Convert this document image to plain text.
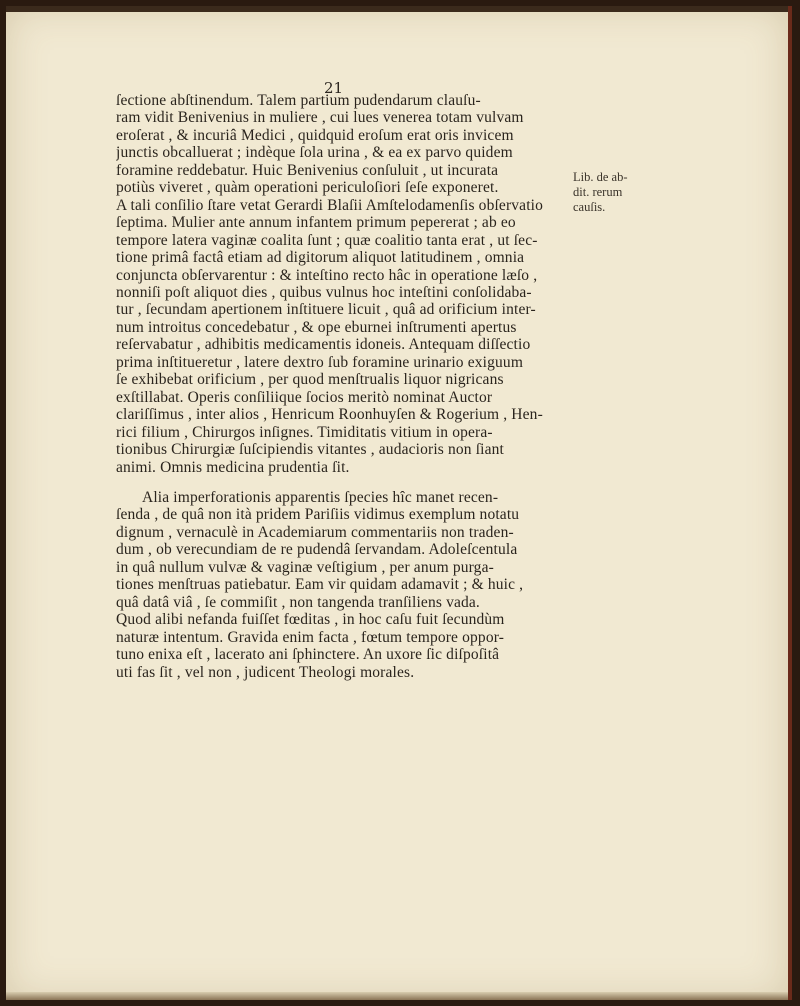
21
ſectione abſtinendum. Talem partium pudendarum clauſu-
ram vidit Benivenius in muliere , cui lues venerea totam vulvam
eroſerat , & incuriâ Medici , quidquid eroſum erat oris invicem
junctis obcalluerat ; indèque ſola urina , & ea ex parvo quidem
foramine reddebatur. Huic Benivenius conſuluit , ut incurata
potiùs viveret , quàm operationi periculoſiori ſeſe exponeret.
A tali conſilio ſtare vetat Gerardi Blaſii Amſtelodamenſis obſervatio
ſeptima. Mulier ante annum infantem primum pepererat ; ab eo
tempore latera vaginæ coalita ſunt ; quæ coalitio tanta erat , ut ſec-
tione primâ factâ etiam ad digitorum aliquot latitudinem , omnia
conjuncta obſervarentur : & inteſtino recto hâc in operatione læſo ,
nonniſi poſt aliquot dies , quibus vulnus hoc inteſtini conſolidaba-
tur , ſecundam apertionem inſtituere licuit , quâ ad orificium inter-
num introitus concedebatur , & ope eburnei inſtrumenti apertus
reſervabatur , adhibitis medicamentis idoneis. Antequam diſſectio
prima inſtitueretur , latere dextro ſub foramine urinario exiguum
ſe exhibebat orificium , per quod menſtrualis liquor nigricans
exſtillabat. Operis conſiliique ſocios meritò nominat Auctor
clariſſimus , inter alios , Henricum Roonhuyſen & Rogerium , Hen-
rici filium , Chirurgos inſignes. Timiditatis vitium in opera-
tionibus Chirurgiæ ſuſcipiendis vitantes , audacioris non ſiant
animi. Omnis medicina prudentia ſit.
Alia imperforationis apparentis ſpecies hîc manet recen-
ſenda , de quâ non ità pridem Pariſiis vidimus exemplum notatu
dignum , vernaculè in Academiarum commentariis non traden-
dum , ob verecundiam de re pudendâ ſervandam. Adoleſcentula
in quâ nullum vulvæ & vaginæ veſtigium , per anum purga-
tiones menſtruas patiebatur. Eam vir quidam adamavit ; & huic ,
quâ datâ viâ , ſe commiſit , non tangenda tranſiliens vada.
Quod alibi nefanda fuiſſet fœditas , in hoc caſu fuit ſecundùm
naturæ intentum. Gravida enim facta , fœtum tempore oppor-
tuno enixa eſt , lacerato ani ſphinctere. An uxore ſic diſpoſitâ
uti fas ſit , vel non , judicent Theologi morales.
Lib. de ab-
dit. rerum
cauſis.
